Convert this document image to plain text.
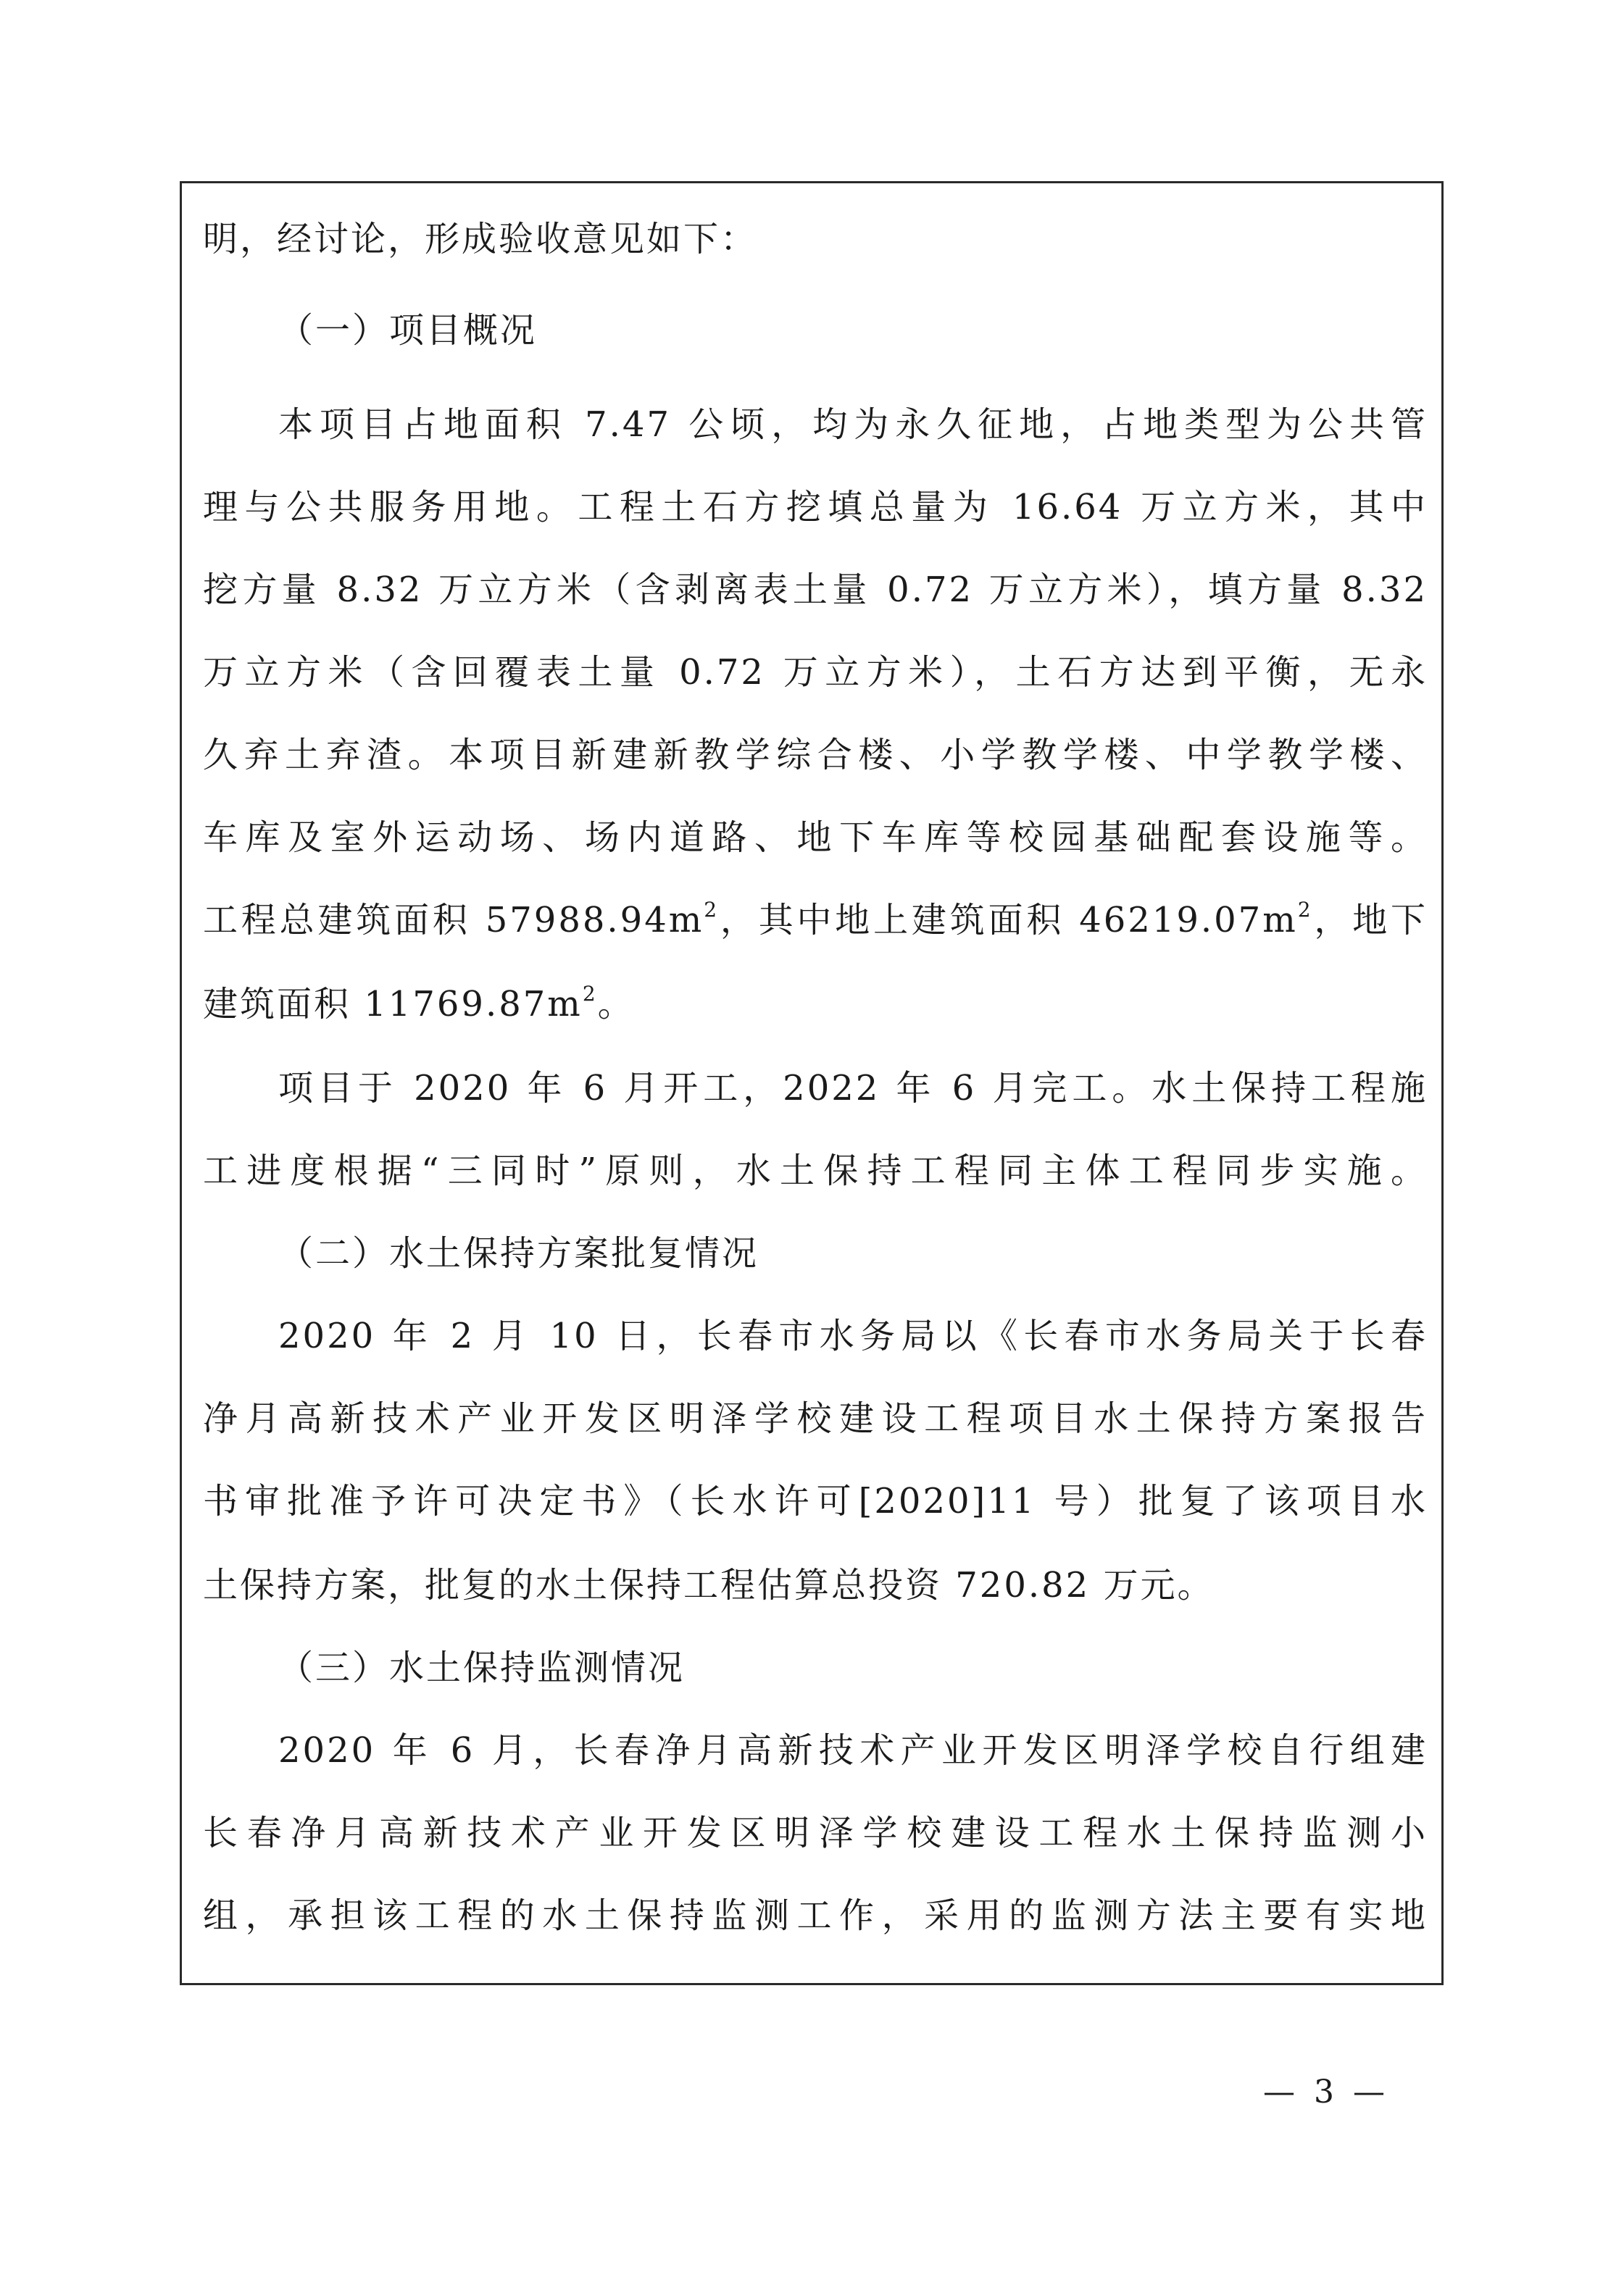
明，经讨论，形成验收意见如下：
（一）项目概况
本项目占地面积 7.47 公顷，均为永久征地，占地类型为公共管
理与公共服务用地。工程土石方挖填总量为 16.64 万立方米，其中
挖方量 8.32 万立方米（含剥离表土量 0.72 万立方米），填方量 8.32
万立方米（含回覆表土量 0.72 万立方米），土石方达到平衡，无永
久弃土弃渣。本项目新建新教学综合楼、小学教学楼、中学教学楼、
车库及室外运动场、场内道路、地下车库等校园基础配套设施等。
工程总建筑面积 $57988.94m^2$，其中地上建筑面积 $46219.07m^2$，地下
建筑面积 $11769.87m^2$。
项目于 2020 年 6 月开工，2022 年 6 月完工。水土保持工程施
工进度根据“三同时”原则，水土保持工程同主体工程同步实施。
（二）水土保持方案批复情况
2020 年 2 月 10 日，长春市水务局以《长春市水务局关于长春
净月高新技术产业开发区明泽学校建设工程项目水土保持方案报告
书审批准予许可决定书》（长水许可[2020]11 号）批复了该项目水
土保持方案，批复的水土保持工程估算总投资 720.82 万元。
（三）水土保持监测情况
2020 年 6 月，长春净月高新技术产业开发区明泽学校自行组建
长春净月高新技术产业开发区明泽学校建设工程水土保持监测小
组，承担该工程的水土保持监测工作，采用的监测方法主要有实地
— 3 —
